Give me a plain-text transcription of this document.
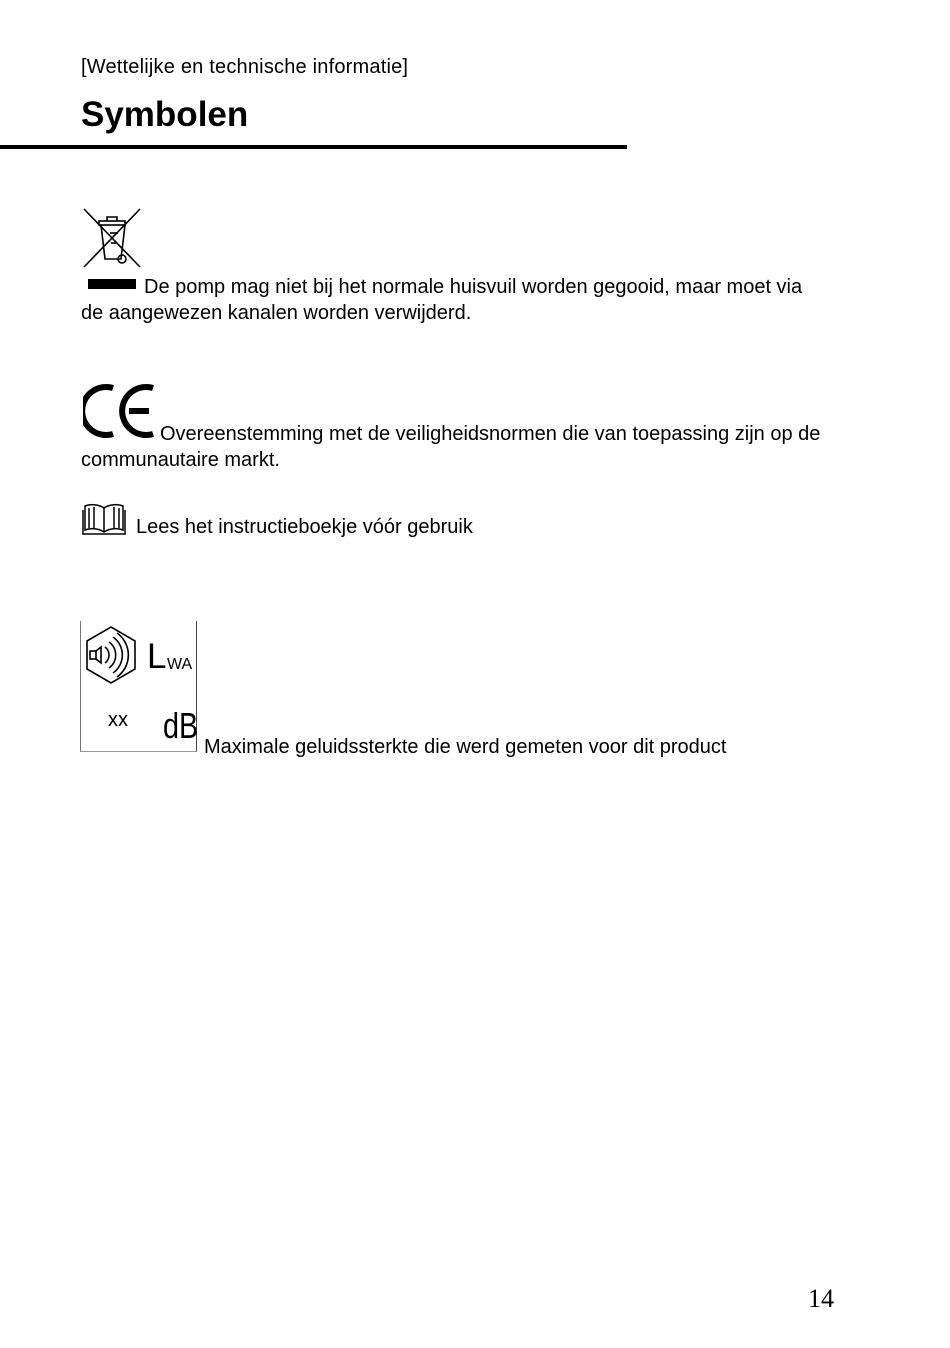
[Wettelijke en technische informatie]
Symbolen

De pomp mag niet bij het normale huisvuil worden gegooid, maar moet via de aangewezen kanalen worden verwijderd.

Overeenstemming met de veiligheidsnormen die van toepassing zijn op de communautaire markt.

Lees het instructieboekje vóór gebruik
L WA
xx dB
Maximale geluidssterkte die werd gemeten voor dit product
14
